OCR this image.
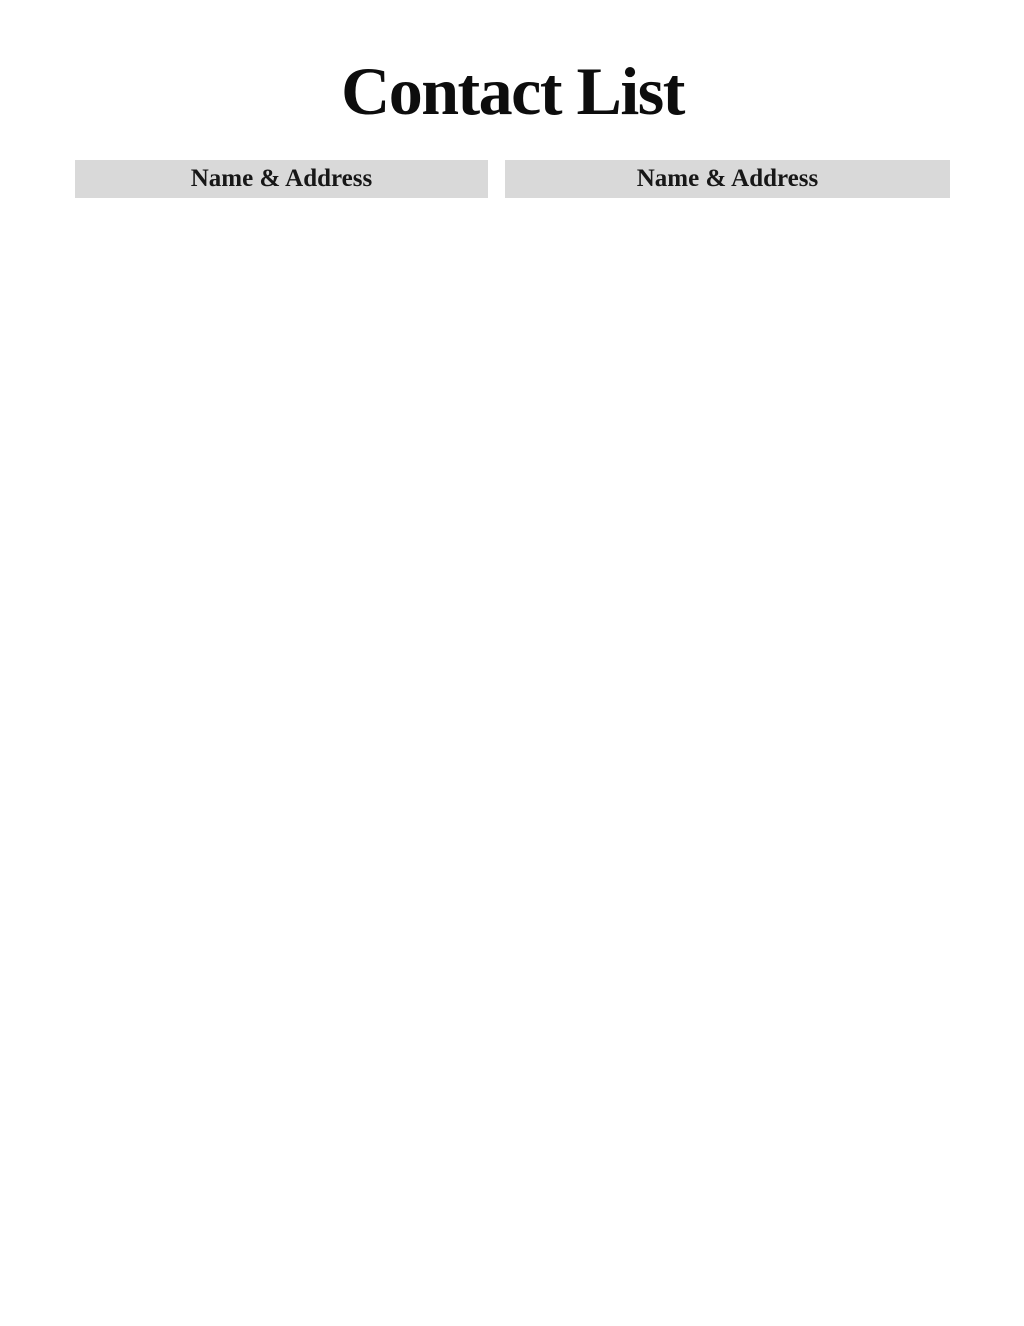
Contact List
Name & Address	Name & Address
